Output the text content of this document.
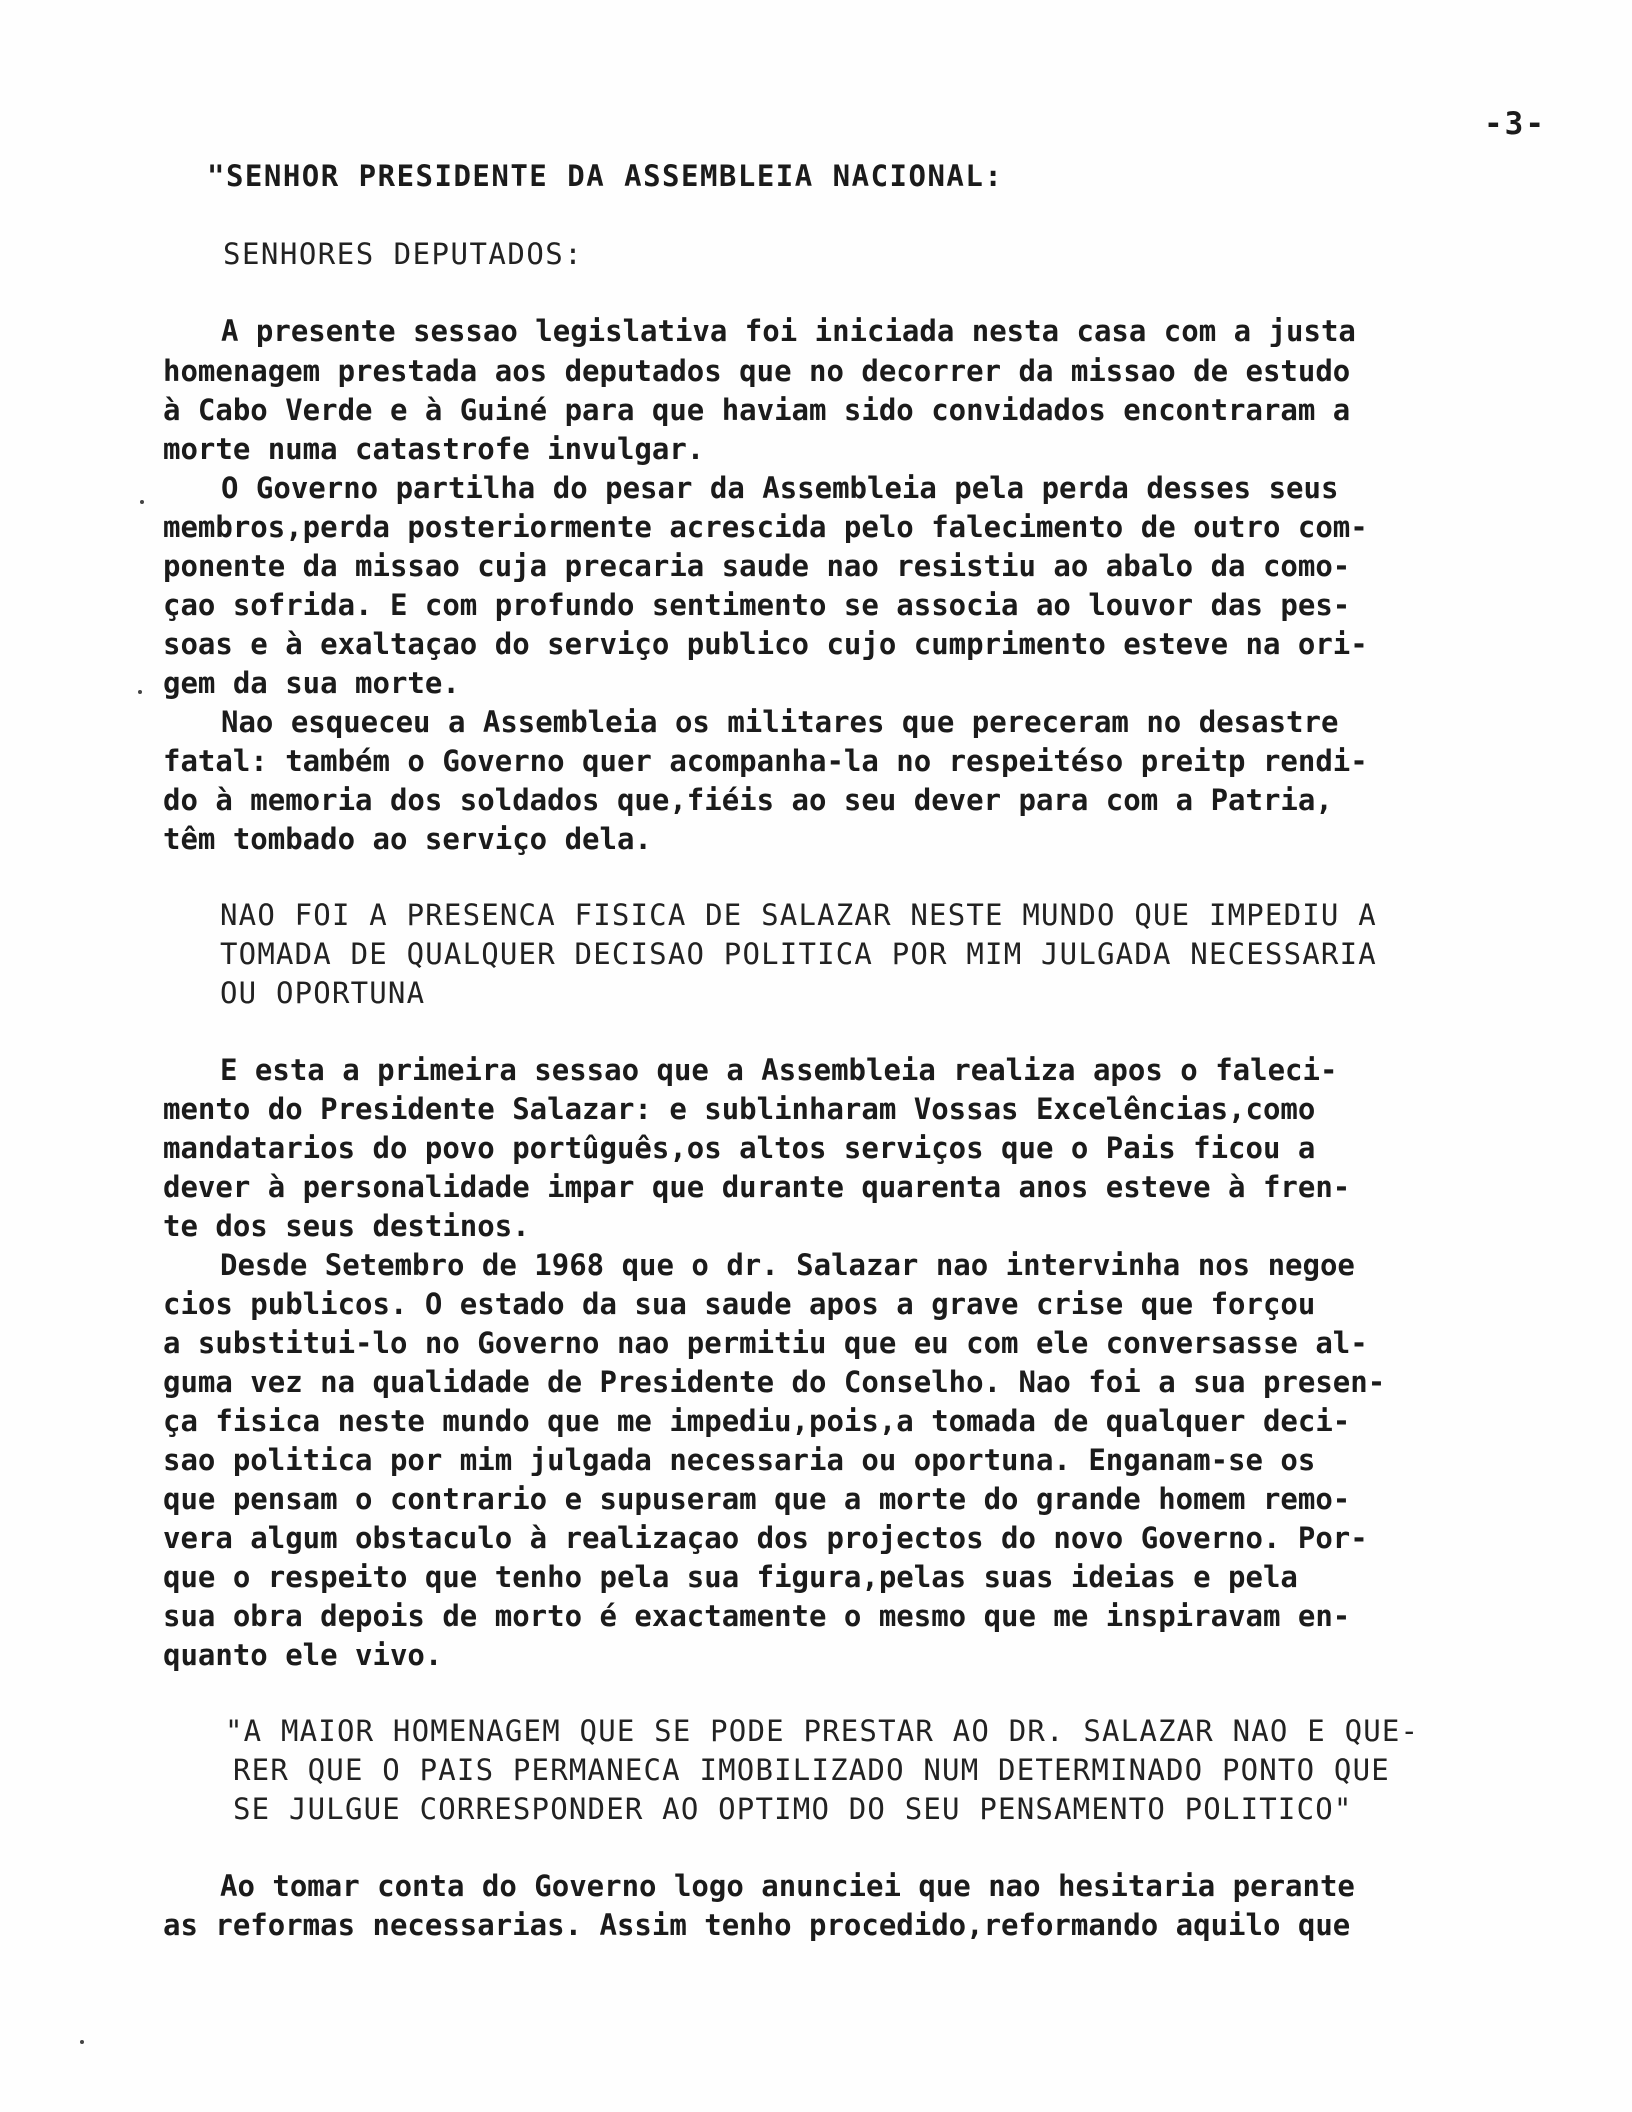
-3-
"SENHOR PRESIDENTE DA ASSEMBLEIA NACIONAL:
SENHORES DEPUTADOS:
A presente sessao legislativa foi iniciada nesta casa com a justa
homenagem prestada aos deputados que no decorrer da missao de estudo
à Cabo Verde e à Guiné para que haviam sido convidados encontraram a
morte numa catastrofe invulgar.
O Governo partilha do pesar da Assembleia pela perda desses seus
membros,perda posteriormente acrescida pelo falecimento de outro com-
ponente da missao cuja precaria saude nao resistiu ao abalo da como-
çao sofrida. E com profundo sentimento se associa ao louvor das pes-
soas e à exaltaçao do serviço publico cujo cumprimento esteve na ori-
gem da sua morte.
Nao esqueceu a Assembleia os militares que pereceram no desastre
fatal: também o Governo quer acompanha-la no respeitéso preitp rendi-
do à memoria dos soldados que,fiéis ao seu dever para com a Patria,
têm tombado ao serviço dela.
NAO FOI A PRESENCA FISICA DE SALAZAR NESTE MUNDO QUE IMPEDIU A
TOMADA DE QUALQUER DECISAO POLITICA POR MIM JULGADA NECESSARIA
OU OPORTUNA
E esta a primeira sessao que a Assembleia realiza apos o faleci-
mento do Presidente Salazar: e sublinharam Vossas Excelências,como
mandatarios do povo portûguês,os altos serviços que o Pais ficou a
dever à personalidade impar que durante quarenta anos esteve à fren-
te dos seus destinos.
Desde Setembro de 1968 que o dr. Salazar nao intervinha nos negoe
cios publicos. O estado da sua saude apos a grave crise que forçou
a substitui-lo no Governo nao permitiu que eu com ele conversasse al-
guma vez na qualidade de Presidente do Conselho. Nao foi a sua presen-
ça fisica neste mundo que me impediu,pois,a tomada de qualquer deci-
sao politica por mim julgada necessaria ou oportuna. Enganam-se os
que pensam o contrario e supuseram que a morte do grande homem remo-
vera algum obstaculo à realizaçao dos projectos do novo Governo. Por-
que o respeito que tenho pela sua figura,pelas suas ideias e pela
sua obra depois de morto é exactamente o mesmo que me inspiravam en-
quanto ele vivo.
"A MAIOR HOMENAGEM QUE SE PODE PRESTAR AO DR. SALAZAR NAO E QUE-
RER QUE O PAIS PERMANECA IMOBILIZADO NUM DETERMINADO PONTO QUE
SE JULGUE CORRESPONDER AO OPTIMO DO SEU PENSAMENTO POLITICO"
Ao tomar conta do Governo logo anunciei que nao hesitaria perante
as reformas necessarias. Assim tenho procedido,reformando aquilo que
